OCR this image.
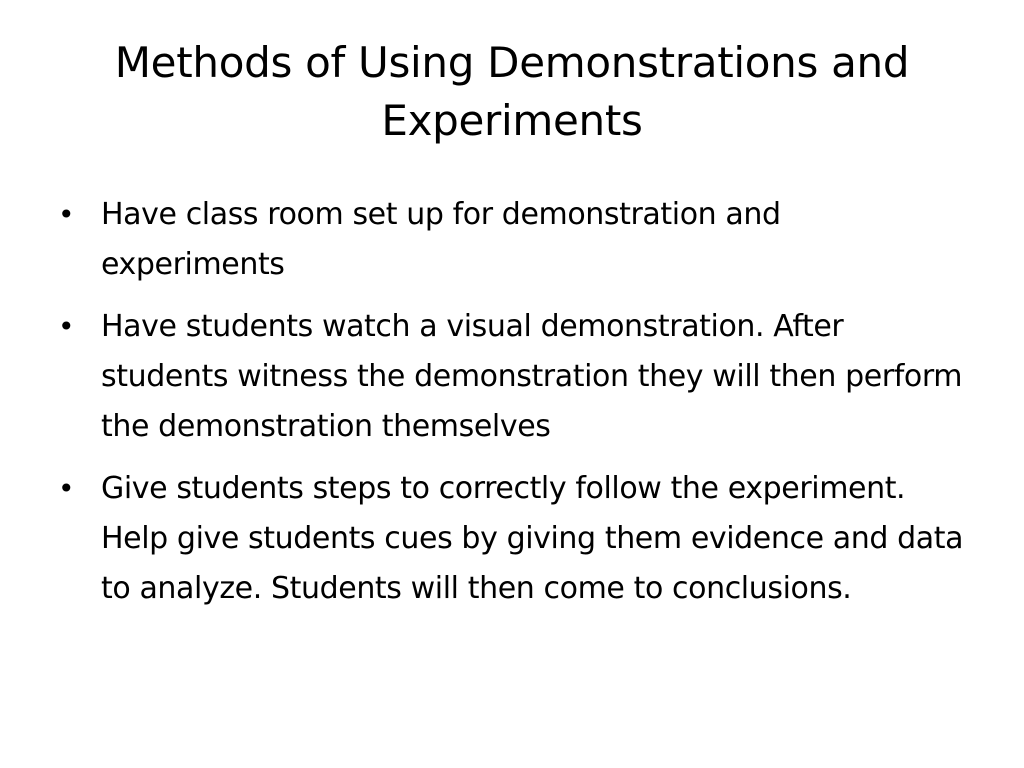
Methods of Using Demonstrations and Experiments
• Have class room set up for demonstration and experiments
• Have students watch a visual demonstration. After students witness the demonstration they will then perform the demonstration themselves
• Give students steps to correctly follow the experiment. Help give students cues by giving them evidence and data to analyze. Students will then come to conclusions.
